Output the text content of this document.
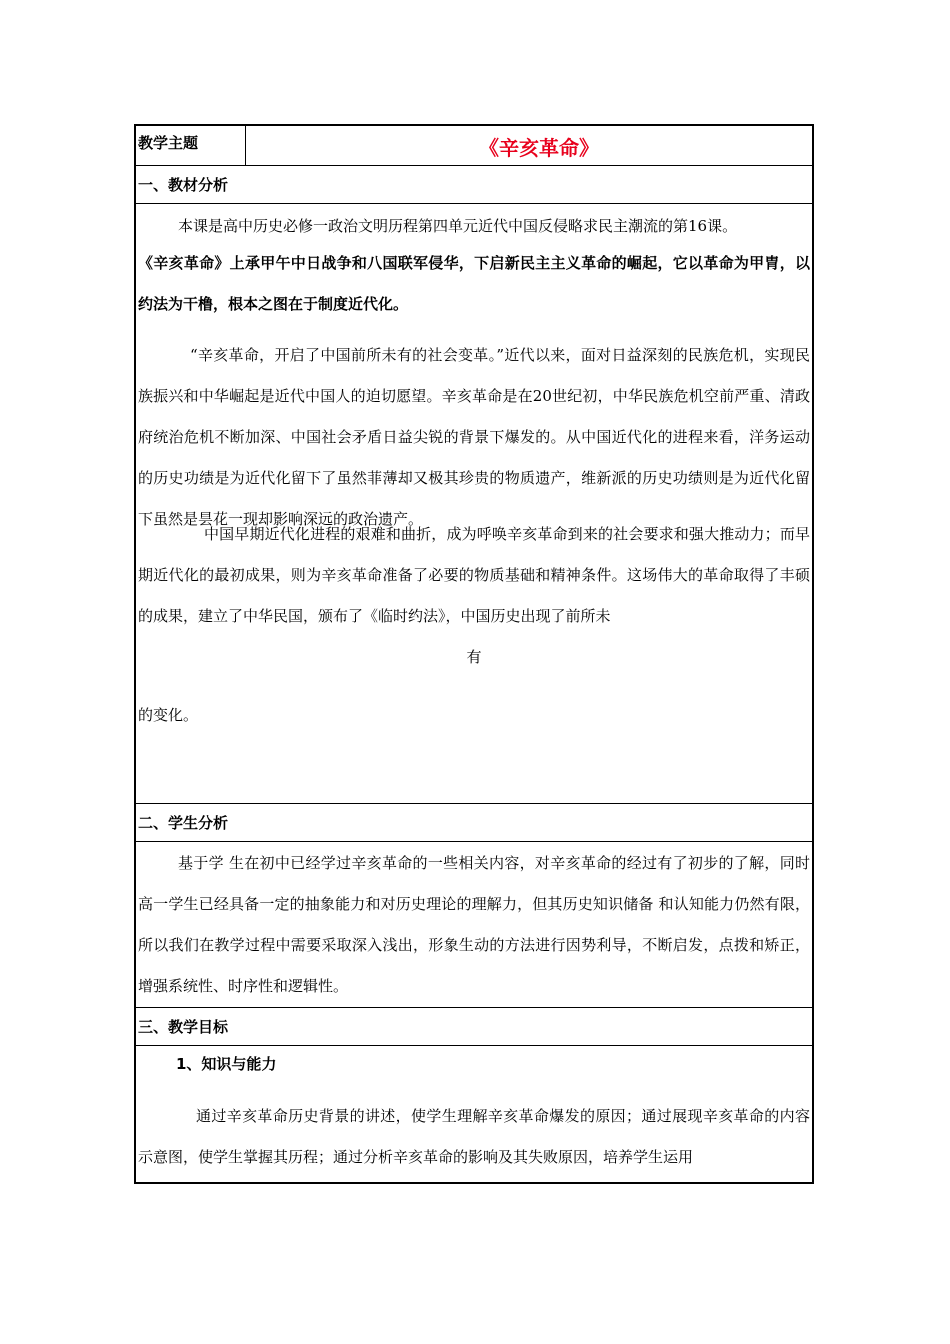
教学主题	《辛亥革命》
一、教材分析

本课是高中历史必修一政治文明历程第四单元近代中国反侵略求民主潮流的第16课。

《辛亥革命》上承甲午中日战争和八国联军侵华，下启新民主主义革命的崛起，它以革命为甲胄，以约法为干橹，根本之图在于制度近代化。

“辛亥革命，开启了中国前所未有的社会变革。”近代以来，面对日益深刻的民族危机，实现民族振兴和中华崛起是近代中国人的迫切愿望。辛亥革命是在20世纪初，中华民族危机空前严重、清政府统治危机不断加深、中国社会矛盾日益尖锐的背景下爆发的。从中国近代化的进程来看，洋务运动的历史功绩是为近代化留下了虽然菲薄却又极其珍贵的物质遗产，维新派的历史功绩则是为近代化留下虽然是昙花一现却影响深远的政治遗产。

中国早期近代化进程的艰难和曲折，成为呼唤辛亥革命到来的社会要求和强大推动力；而早期近代化的最初成果，则为辛亥革命准备了必要的物质基础和精神条件。这场伟大的革命取得了丰硕的成果，建立了中华民国，颁布了《临时约法》，中国历史出现了前所未

有
的变化。
二、学生分析

基于学 生在初中已经学过辛亥革命的一些相关内容，对辛亥革命的经过有了初步的了解，同时高一学生已经具备一定的抽象能力和对历史理论的理解力，但其历史知识储备 和认知能力仍然有限，所以我们在教学过程中需要采取深入浅出，形象生动的方法进行因势利导，不断启发，点拨和矫正，增强系统性、时序性和逻辑性。

三、教学目标
1、知识与能力

通过辛亥革命历史背景的讲述，使学生理解辛亥革命爆发的原因；通过展现辛亥革命的内容示意图，使学生掌握其历程；通过分析辛亥革命的影响及其失败原因，培养学生运用
